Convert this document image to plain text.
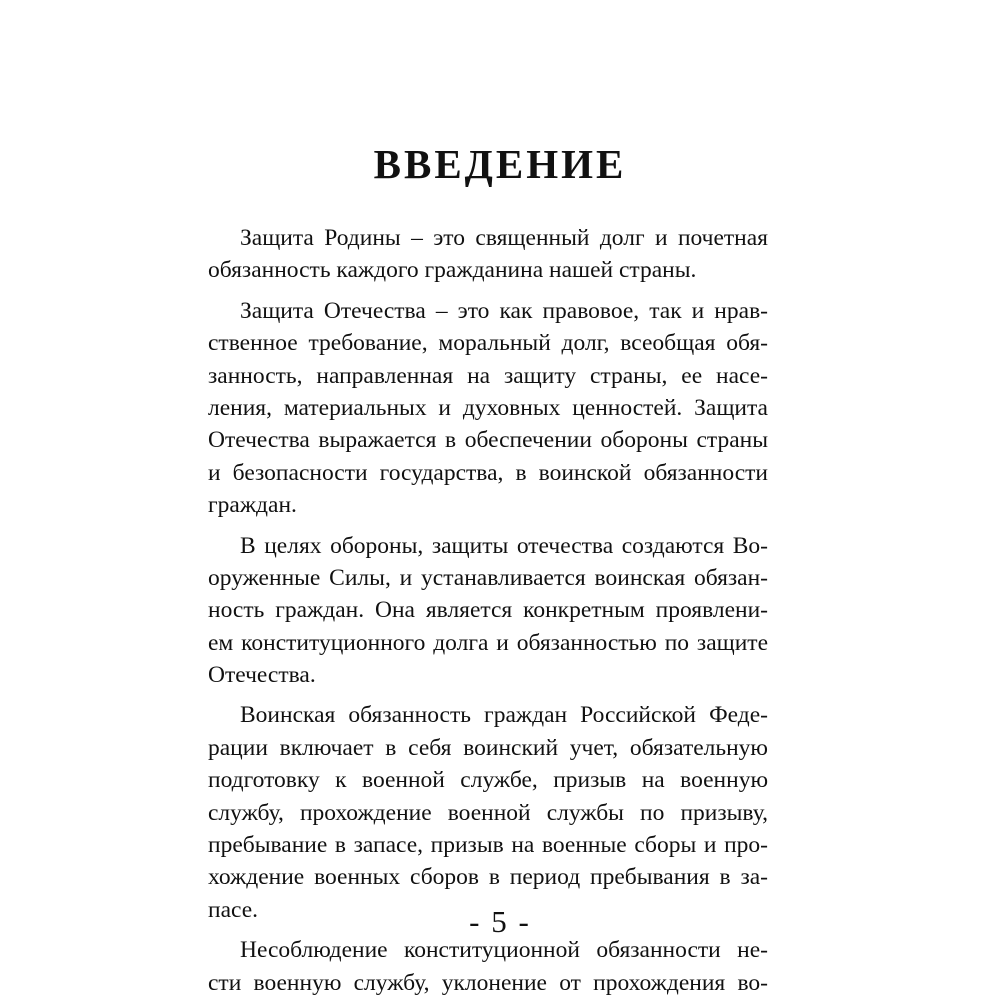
ВВЕДЕНИЕ

Защита Родины – это священный долг и почетная
обязанность каждого гражданина нашей страны.

Защита Отечества – это как правовое, так и нрав-
ственное требование, моральный долг, всеобщая обя-
занность, направленная на защиту страны, ее насе-
ления, материальных и духовных ценностей. Защита
Отечества выражается в обеспечении обороны страны
и безопасности государства, в воинской обязанности
граждан.

В целях обороны, защиты отечества создаются Во-
оруженные Силы, и устанавливается воинская обязан-
ность граждан. Она является конкретным проявлени-
ем конституционного долга и обязанностью по защите
Отечества.

Воинская обязанность граждан Российской Феде-
рации включает в себя воинский учет, обязательную
подготовку к военной службе, призыв на военную
службу, прохождение военной службы по призыву,
пребывание в запасе, призыв на военные сборы и про-
хождение военных сборов в период пребывания в за-
пасе.

Несоблюдение конституционной обязанности не-
сти военную службу, уклонение от прохождения во-

- 5 -
